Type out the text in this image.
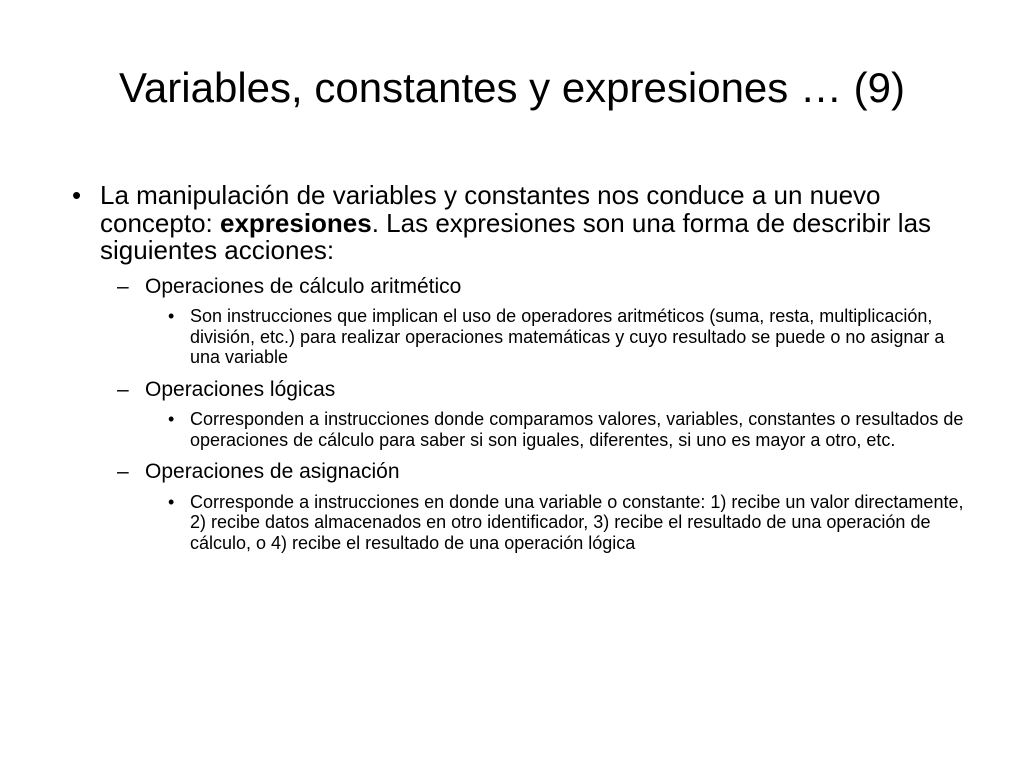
Variables, constantes y expresiones … (9)
• La manipulación de variables y constantes nos conduce a un nuevo concepto: expresiones. Las expresiones son una forma de describir las siguientes acciones:
– Operaciones de cálculo aritmético
• Son instrucciones que implican el uso de operadores aritméticos (suma, resta, multiplicación, división, etc.) para realizar operaciones matemáticas y cuyo resultado se puede o no asignar a una variable
– Operaciones lógicas
• Corresponden a instrucciones donde comparamos valores, variables, constantes o resultados de operaciones de cálculo para saber si son iguales, diferentes, si uno es mayor a otro, etc.
– Operaciones de asignación
• Corresponde a instrucciones en donde una variable o constante: 1) recibe un valor directamente, 2) recibe datos almacenados en otro identificador, 3) recibe el resultado de una operación de cálculo, o 4) recibe el resultado de una operación lógica
